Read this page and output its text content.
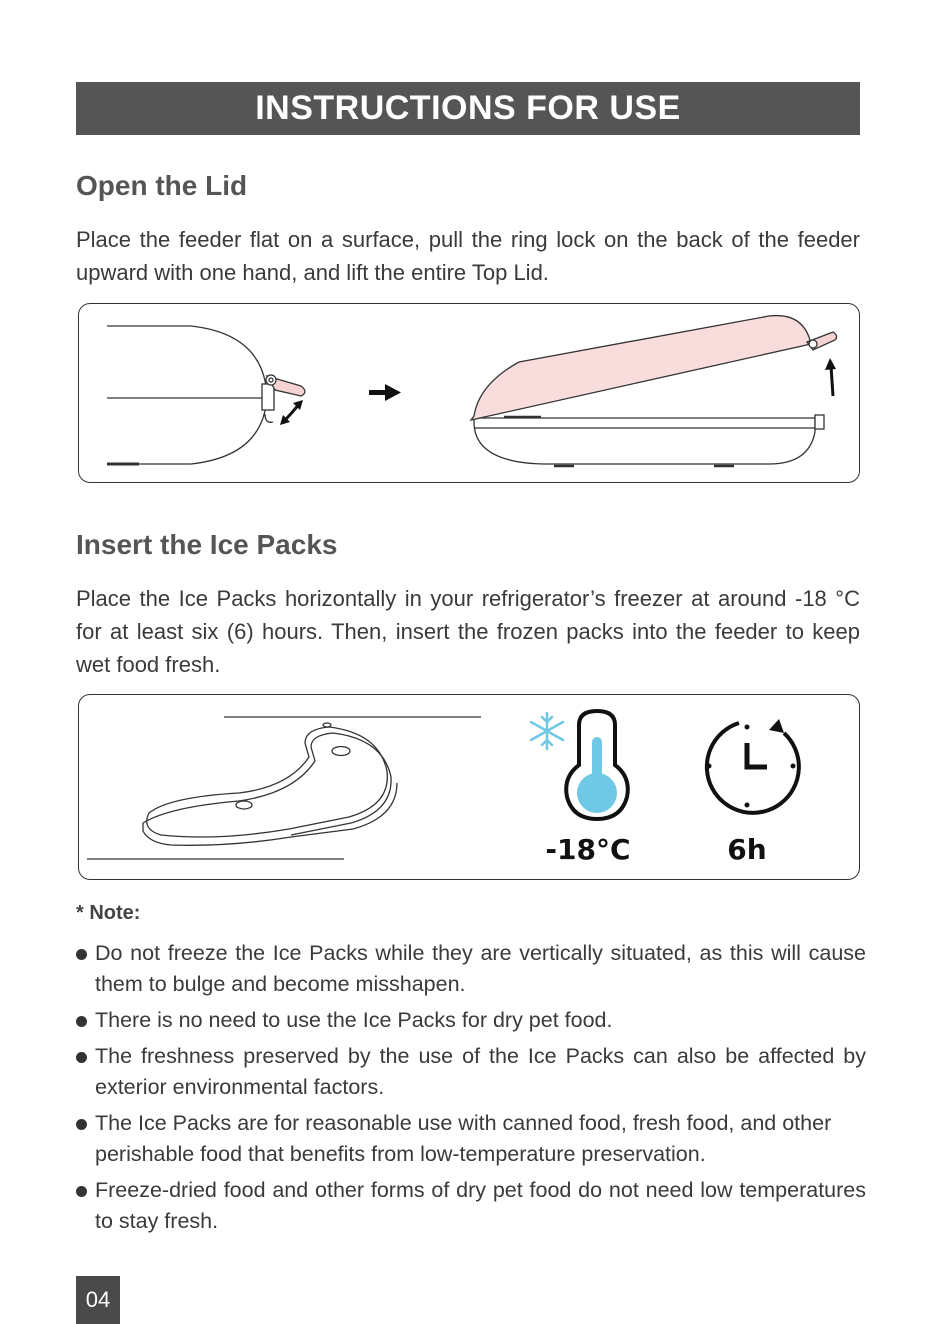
INSTRUCTIONS FOR USE
Open the Lid

Place the feeder flat on a surface, pull the ring lock on the back of the feeder upward with one hand, and lift the entire Top Lid.

Insert the Ice Packs

Place the Ice Packs horizontally in your refrigerator’s freezer at around -18 °C for at least six (6) hours. Then, insert the frozen packs into the feeder to keep wet food fresh.

-18°C	6h
* Note:
Do not freeze the Ice Packs while they are vertically situated, as this will cause them to bulge and become misshapen.
There is no need to use the Ice Packs for dry pet food.
The freshness preserved by the use of the Ice Packs can also be affected by exterior environmental factors.
The Ice Packs are for reasonable use with canned food, fresh food, and other perishable food that benefits from low-temperature preservation.
Freeze-dried food and other forms of dry pet food do not need low temperatures to stay fresh.
04
